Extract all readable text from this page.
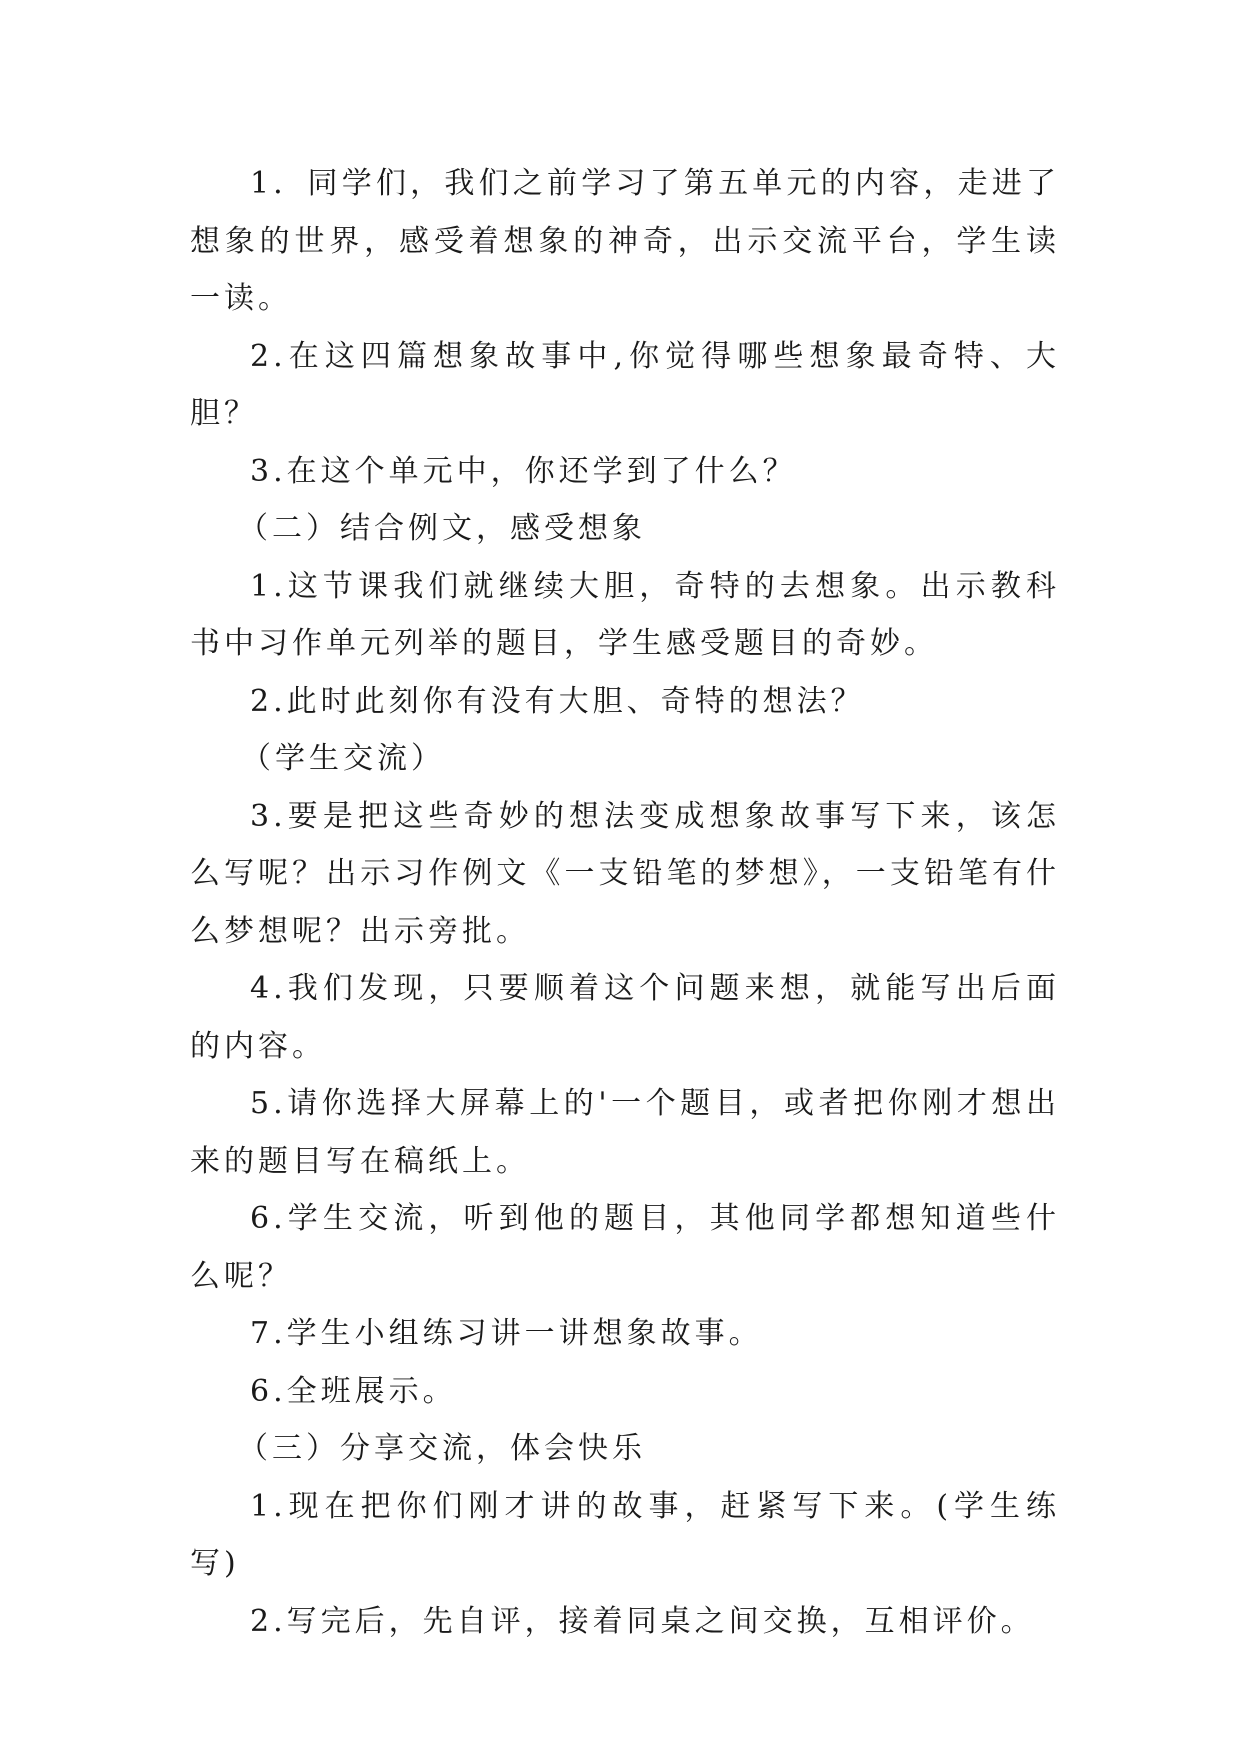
1．同学们，我们之前学习了第五单元的内容，走进了想象的世界，感受着想象的神奇，出示交流平台，学生读一读。

2.在这四篇想象故事中,你觉得哪些想象最奇特、大胆？

3.在这个单元中，你还学到了什么？

（二）结合例文，感受想象

1.这节课我们就继续大胆，奇特的去想象。出示教科书中习作单元列举的题目，学生感受题目的奇妙。

2.此时此刻你有没有大胆、奇特的想法？

（学生交流）

3.要是把这些奇妙的想法变成想象故事写下来，该怎么写呢？出示习作例文《一支铅笔的梦想》，一支铅笔有什么梦想呢？出示旁批。

4.我们发现，只要顺着这个问题来想，就能写出后面的内容。

5.请你选择大屏幕上的'一个题目，或者把你刚才想出来的题目写在稿纸上。

6.学生交流，听到他的题目，其他同学都想知道些什么呢？

7.学生小组练习讲一讲想象故事。

6.全班展示。

（三）分享交流，体会快乐

1.现在把你们刚才讲的故事，赶紧写下来。(学生练写)

2.写完后，先自评，接着同桌之间交换，互相评价。
